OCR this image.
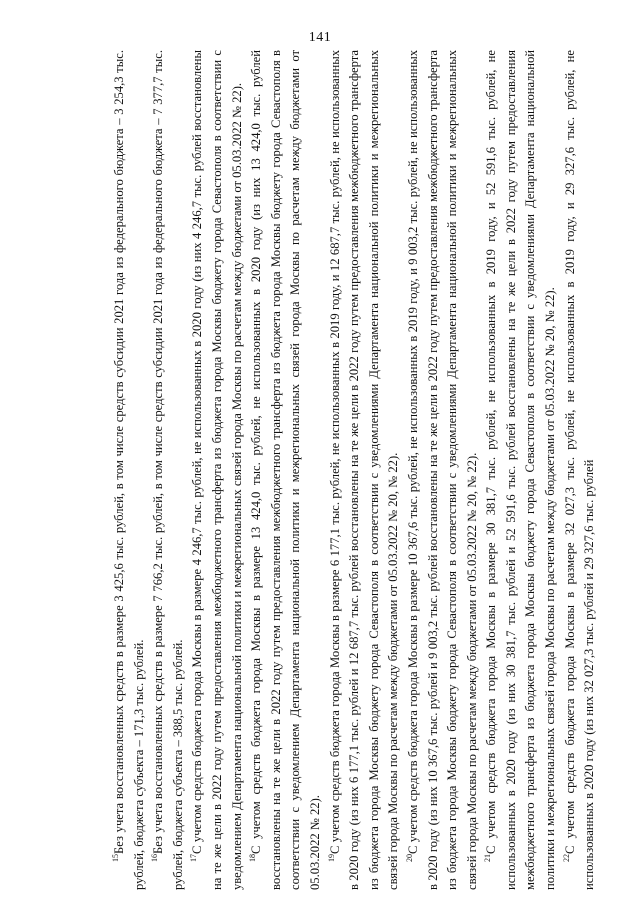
141

$^{15}$Без учета восстановленных средств в размере 3 425,6 тыс. рублей, в том числе средств субсидии 2021 года из федерального бюджета – 3 254,3 тыс. рублей, бюджета субъекта – 171,3 тыс. рублей. $^{16}$Без учета восстановленных средств в размере 7 766,2 тыс. рублей, в том числе средств субсидии 2021 года из федерального бюджета – 7 377,7 тыс. рублей, бюджета субъекта – 388,5 тыс. рублей. $^{17}$С учетом средств бюджета города Москвы в размере 4 246,7 тыс. рублей, не использованных в 2020 году (из них 4 246,7 тыс. рублей восстановлены на те же цели в 2022 году путем предоставления межбюджетного трансферта из бюджета города Москвы бюджету города Севастополя в соответствии с уведомлением Департамента национальной политики и межрегиональных связей города Москвы по расчетам между бюджетами от 05.03.2022 № 22). $^{18}$С учетом средств бюджета города Москвы в размере 13 424,0 тыс. рублей, не использованных в 2020 году (из них 13 424,0 тыс. рублей восстановлены на те же цели в 2022 году путем предоставления межбюджетного трансферта из бюджета города Москвы бюджету города Севастополя в соответствии с уведомлением Департамента национальной политики и межрегиональных связей города Москвы по расчетам между бюджетами от 05.03.2022 № 22). $^{19}$С учетом средств бюджета города Москвы в размере 6 177,1 тыс. рублей, не использованных в 2019 году, и 12 687,7 тыс. рублей, не использованных в 2020 году (из них 6 177,1 тыс. рублей и 12 687,7 тыс. рублей восстановлены на те же цели в 2022 году путем предоставления межбюджетного трансферта из бюджета города Москвы бюджету города Севастополя в соответствии с уведомлениями Департамента национальной политики и межрегиональных связей города Москвы по расчетам между бюджетами от 05.03.2022 № 20, № 22). $^{20}$С учетом средств бюджета города Москвы в размере 10 367,6 тыс. рублей, не использованных в 2019 году, и 9 003,2 тыс. рублей, не использованных в 2020 году (из них 10 367,6 тыс. рублей и 9 003,2 тыс. рублей восстановлены на те же цели в 2022 году путем предоставления межбюджетного трансферта из бюджета города Москвы бюджету города Севастополя в соответствии с уведомлениями Департамента национальной политики и межрегиональных связей города Москвы по расчетам между бюджетами от 05.03.2022 № 20, № 22). $^{21}$С учетом средств бюджета города Москвы в размере 30 381,7 тыс. рублей, не использованных в 2019 году, и 52 591,6 тыс. рублей, не использованных в 2020 году (из них 30 381,7 тыс. рублей и 52 591,6 тыс. рублей восстановлены на те же цели в 2022 году путем предоставления межбюджетного трансферта из бюджета города Москвы бюджету города Севастополя в соответствии с уведомлениями Департамента национальной политики и межрегиональных связей города Москвы по расчетам между бюджетами от 05.03.2022 № 20, № 22). $^{22}$С учетом средств бюджета города Москвы в размере 32 027,3 тыс. рублей, не использованных в 2019 году, и 29 327,6 тыс. рублей, не использованных в 2020 году (из них 32 027,3 тыс. рублей и 29 327,6 тыс. рублей
